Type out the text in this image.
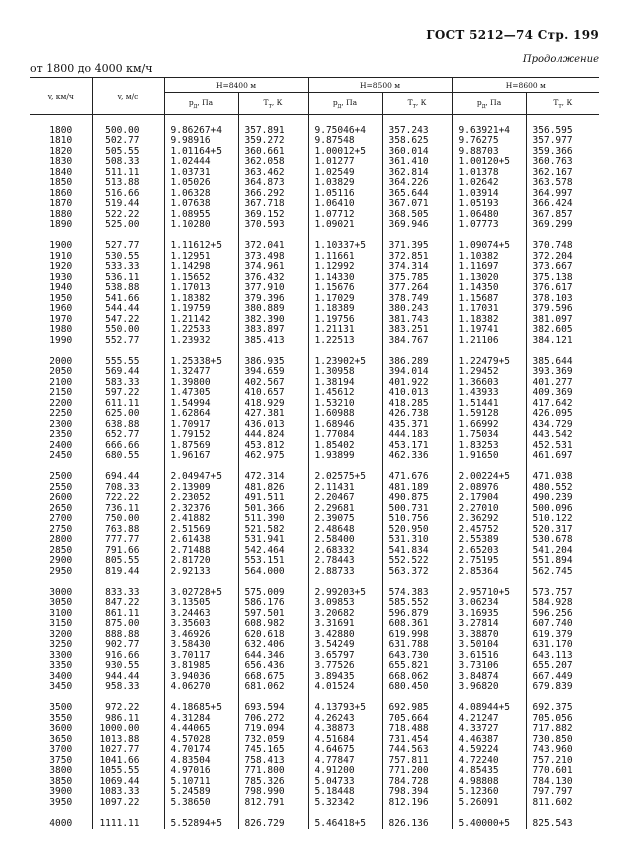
ГОСТ 5212—74 Стр. 199
Продолжение
от 1800 до 4000 км/ч
v, км/ч	v, м/с	H=8400 м		H=8500 м		H=8600 м	
		$p_д$, Па	$T_т$, К	$p_д$, Па	$T_т$, К	$p_д$, Па	$T_т$, К

1800	500.00	9.86267+4	357.891	9.75046+4	357.243	9.63921+4	356.595
1810	502.77	9.98916	359.272	9.87548	358.625	9.76275	357.977
1820	505.55	1.01164+5	360.661	1.00012+5	360.014	9.88703	359.366
1830	508.33	1.02444	362.058	1.01277	361.410	1.00120+5	360.763
1840	511.11	1.03731	363.462	1.02549	362.814	1.01378	362.167
1850	513.88	1.05026	364.873	1.03829	364.226	1.02642	363.578
1860	516.66	1.06328	366.292	1.05116	365.644	1.03914	364.997
1870	519.44	1.07638	367.718	1.06410	367.071	1.05193	366.424
1880	522.22	1.08955	369.152	1.07712	368.505	1.06480	367.857
1890	525.00	1.10280	370.593	1.09021	369.946	1.07773	369.299

1900	527.77	1.11612+5	372.041	1.10337+5	371.395	1.09074+5	370.748
1910	530.55	1.12951	373.498	1.11661	372.851	1.10382	372.204
1920	533.33	1.14298	374.961	1.12992	374.314	1.11697	373.667
1930	536.11	1.15652	376.432	1.14330	375.785	1.13020	375.138
1940	538.88	1.17013	377.910	1.15676	377.264	1.14350	376.617
1950	541.66	1.18382	379.396	1.17029	378.749	1.15687	378.103
1960	544.44	1.19759	380.889	1.18389	380.243	1.17031	379.596
1970	547.22	1.21142	382.390	1.19756	381.743	1.18382	381.097
1980	550.00	1.22533	383.897	1.21131	383.251	1.19741	382.605
1990	552.77	1.23932	385.413	1.22513	384.767	1.21106	384.121

2000	555.55	1.25338+5	386.935	1.23902+5	386.289	1.22479+5	385.644
2050	569.44	1.32477	394.659	1.30958	394.014	1.29452	393.369
2100	583.33	1.39800	402.567	1.38194	401.922	1.36603	401.277
2150	597.22	1.47305	410.657	1.45612	410.013	1.43933	409.369
2200	611.11	1.54994	418.929	1.53210	418.285	1.51441	417.642
2250	625.00	1.62864	427.381	1.60988	426.738	1.59128	426.095
2300	638.88	1.70917	436.013	1.68946	435.371	1.66992	434.729
2350	652.77	1.79152	444.824	1.77084	444.183	1.75034	443.542
2400	666.66	1.87569	453.812	1.85402	453.171	1.83253	452.531
2450	680.55	1.96167	462.975	1.93899	462.336	1.91650	461.697

2500	694.44	2.04947+5	472.314	2.02575+5	471.676	2.00224+5	471.038
2550	708.33	2.13909	481.826	2.11431	481.189	2.08976	480.552
2600	722.22	2.23052	491.511	2.20467	490.875	2.17904	490.239
2650	736.11	2.32376	501.366	2.29681	500.731	2.27010	500.096
2700	750.00	2.41882	511.390	2.39075	510.756	2.36292	510.122
2750	763.88	2.51569	521.582	2.48648	520.950	2.45752	520.317
2800	777.77	2.61438	531.941	2.58400	531.310	2.55389	530.678
2850	791.66	2.71488	542.464	2.68332	541.834	2.65203	541.204
2900	805.55	2.81720	553.151	2.78443	552.522	2.75195	551.894
2950	819.44	2.92133	564.000	2.88733	563.372	2.85364	562.745

3000	833.33	3.02728+5	575.009	2.99203+5	574.383	2.95710+5	573.757
3050	847.22	3.13505	586.176	3.09853	585.552	3.06234	584.928
3100	861.11	3.24463	597.501	3.20682	596.879	3.16935	596.256
3150	875.00	3.35603	608.982	3.31691	608.361	3.27814	607.740
3200	888.88	3.46926	620.618	3.42880	619.998	3.38870	619.379
3250	902.77	3.58430	632.406	3.54249	631.788	3.50104	631.170
3300	916.66	3.70117	644.346	3.65797	643.730	3.61516	643.113
3350	930.55	3.81985	656.436	3.77526	655.821	3.73106	655.207
3400	944.44	3.94036	668.675	3.89435	668.062	3.84874	667.449
3450	958.33	4.06270	681.062	4.01524	680.450	3.96820	679.839

3500	972.22	4.18685+5	693.594	4.13793+5	692.985	4.08944+5	692.375
3550	986.11	4.31284	706.272	4.26243	705.664	4.21247	705.056
3600	1000.00	4.44065	719.094	4.38873	718.488	4.33727	717.882
3650	1013.88	4.57028	732.059	4.51684	731.454	4.46387	730.850
3700	1027.77	4.70174	745.165	4.64675	744.563	4.59224	743.960
3750	1041.66	4.83504	758.413	4.77847	757.811	4.72240	757.210
3800	1055.55	4.97016	771.800	4.91200	771.200	4.85435	770.601
3850	1069.44	5.10711	785.326	5.04733	784.728	4.98808	784.130
3900	1083.33	5.24589	798.990	5.18448	798.394	5.12360	797.797
3950	1097.22	5.38650	812.791	5.32342	812.196	5.26091	811.602

4000	1111.11	5.52894+5	826.729	5.46418+5	826.136	5.40000+5	825.543
